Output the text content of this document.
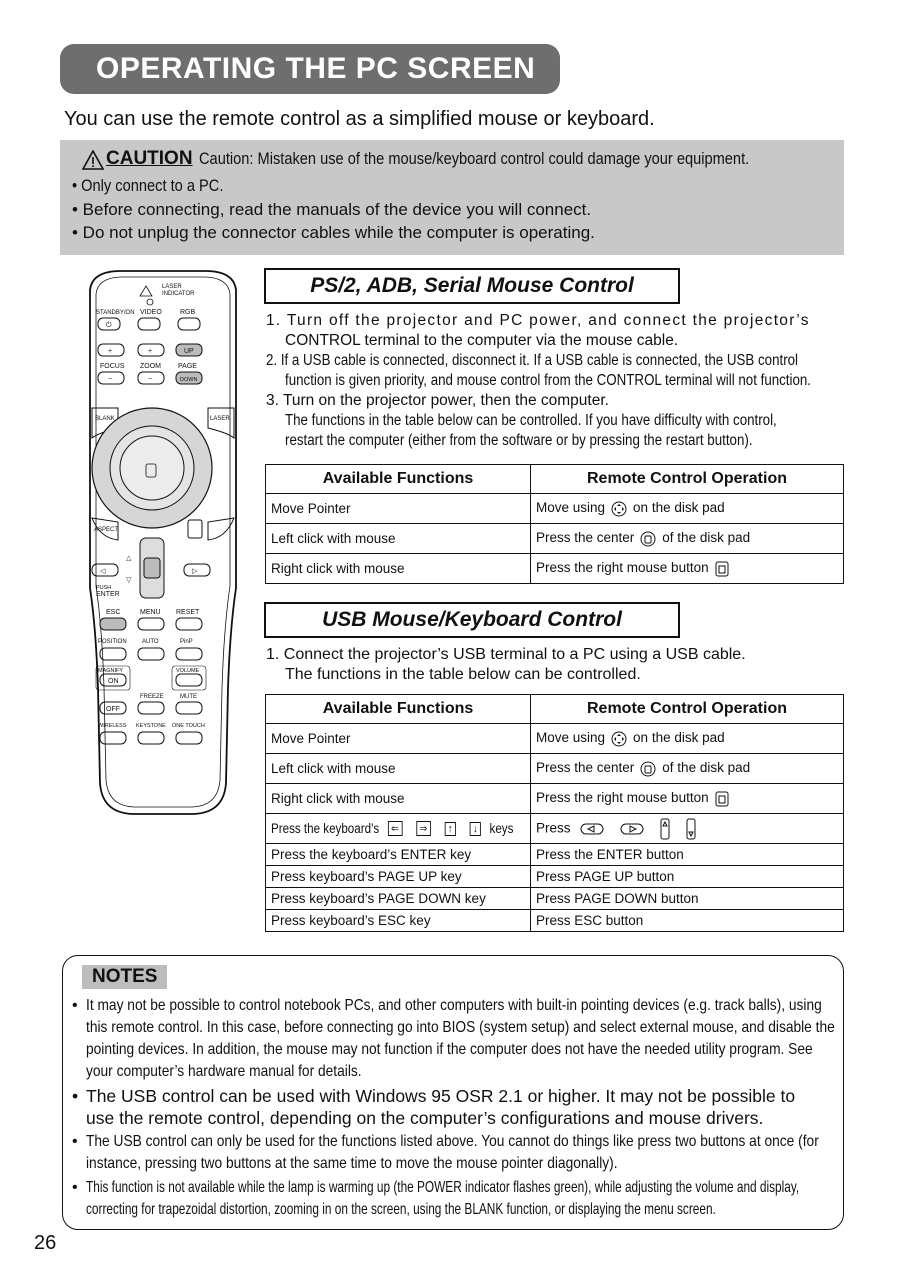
OPERATING THE PC SCREEN
You can use the remote control as a simplified mouse or keyboard.
CAUTION Caution: Mistaken use of the mouse/keyboard control could damage your equipment.
• Only connect to a PC.
• Before connecting, read the manuals of the device you will connect.
• Do not unplug the connector cables while the computer is operating.
LASER
INDICATOR
STANDBY/ON VIDEO	RGB
⏻
+	+	UP
FOCUS ZOOM PAGE
−	−	DOWN
BLANK	LASER
ASPECT
△
▽
◁	▷
PUSH
ENTER
ESC	MENU RESET
POSITION	AUTO	PinP
MAGNIFY
ON
VOLUME
FREEZE	MUTE
OFF
WIRELESS KEYSTONE ONE TOUCH
PS/2, ADB, Serial Mouse Control
1. Turn off the projector and PC power, and connect the projector’s
CONTROL terminal to the computer via the mouse cable.
2. If a USB cable is connected, disconnect it. If a USB cable is connected, the USB control
function is given priority, and mouse control from the CONTROL terminal will not function.
3. Turn on the projector power, then the computer.
The functions in the table below can be controlled. If you have difficulty with control,
restart the computer (either from the software or by pressing the restart button).
Available Functions	Remote Control Operation
Move Pointer	Move using on the disk pad
Left click with mouse	Press the center of the disk pad
Right click with mouse	Press the right mouse button
USB Mouse/Keyboard Control
1. Connect the projector’s USB terminal to a PC using a USB cable.
The functions in the table below can be controlled.
Available Functions	Remote Control Operation
Move Pointer	Move using on the disk pad
Left click with mouse	Press the center of the disk pad
Right click with mouse	Press the right mouse button
Press the keyboard’s ⇐ ⇒ ↑ ↓ keys	Press
Press the keyboard’s ENTER key	Press the ENTER button
Press keyboard’s PAGE UP key	Press PAGE UP button
Press keyboard’s PAGE DOWN key	Press PAGE DOWN button
Press keyboard’s ESC key	Press ESC button
NOTES
• It may not be possible to control notebook PCs, and other computers with built-in pointing devices (e.g. track balls), using this remote control. In this case, before connecting go into BIOS (system setup) and select external mouse, and disable the pointing devices. In addition, the mouse may not function if the computer does not have the needed utility program. See your computer’s hardware manual for details.
• The USB control can be used with Windows 95 OSR 2.1 or higher. It may not be possible to use the remote control, depending on the computer’s configurations and mouse drivers.
• The USB control can only be used for the functions listed above. You cannot do things like press two buttons at once (for instance, pressing two buttons at the same time to move the mouse pointer diagonally).
• This function is not available while the lamp is warming up (the POWER indicator flashes green), while adjusting the volume and display, correcting for trapezoidal distortion, zooming in on the screen, using the BLANK function, or displaying the menu screen.
26
